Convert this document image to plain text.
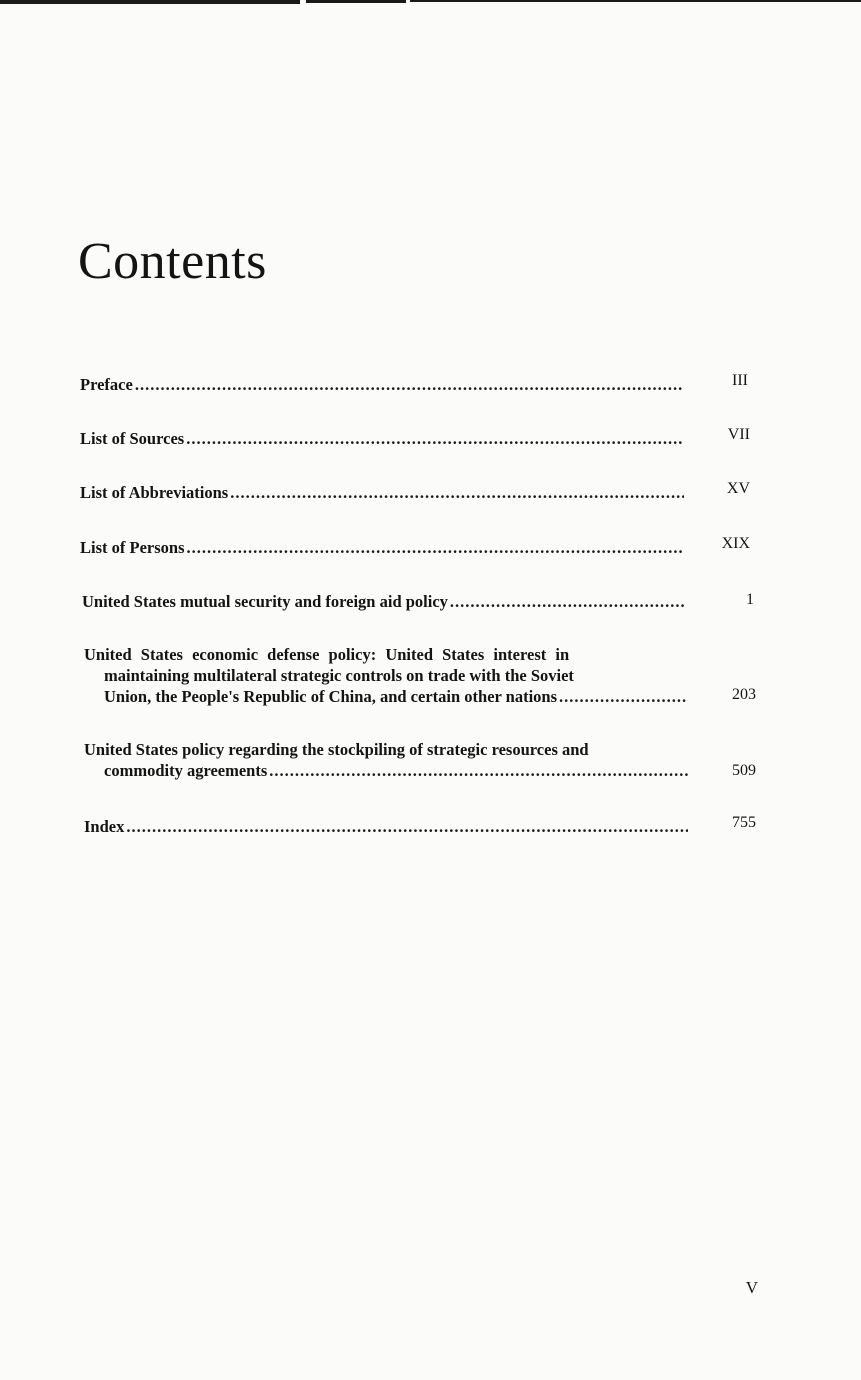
Contents
Preface .....	III
List of Sources .....	VII
List of Abbreviations .....	XV
List of Persons .....	XIX
United States mutual security and foreign aid policy .....	1
United States economic defense policy: United States interest in
maintaining multilateral strategic controls on trade with the Soviet
Union, the People's Republic of China, and certain other nations .....	203
United States policy regarding the stockpiling of strategic resources and
commodity agreements .....	509
Index .....	755
V
